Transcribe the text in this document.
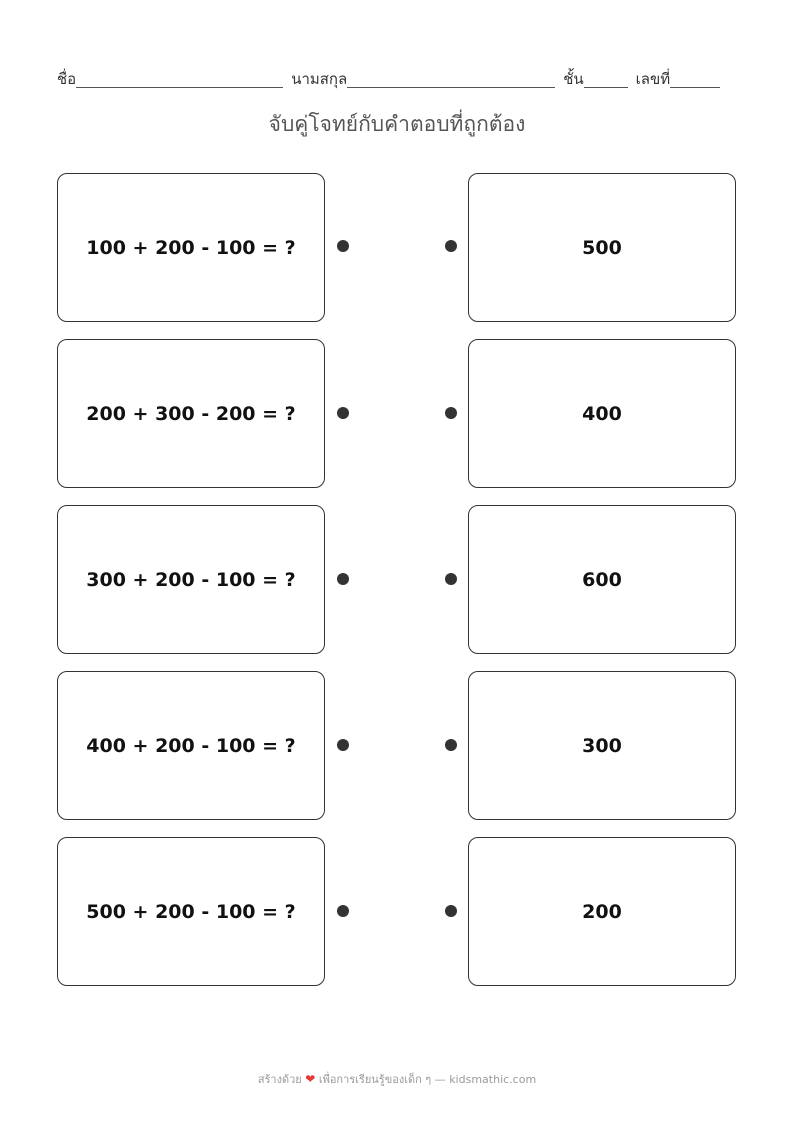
ชื่อ	นามสกุล	ชั้น	เลขที่
จับคู่โจทย์กับคำตอบที่ถูกต้อง
100 + 200 - 100 = ?	500
200 + 300 - 200 = ?	400
300 + 200 - 100 = ?	600
400 + 200 - 100 = ?	300
500 + 200 - 100 = ?	200
สร้างด้วย ❤ เพื่อการเรียนรู้ของเด็ก ๆ — kidsmathic.com
